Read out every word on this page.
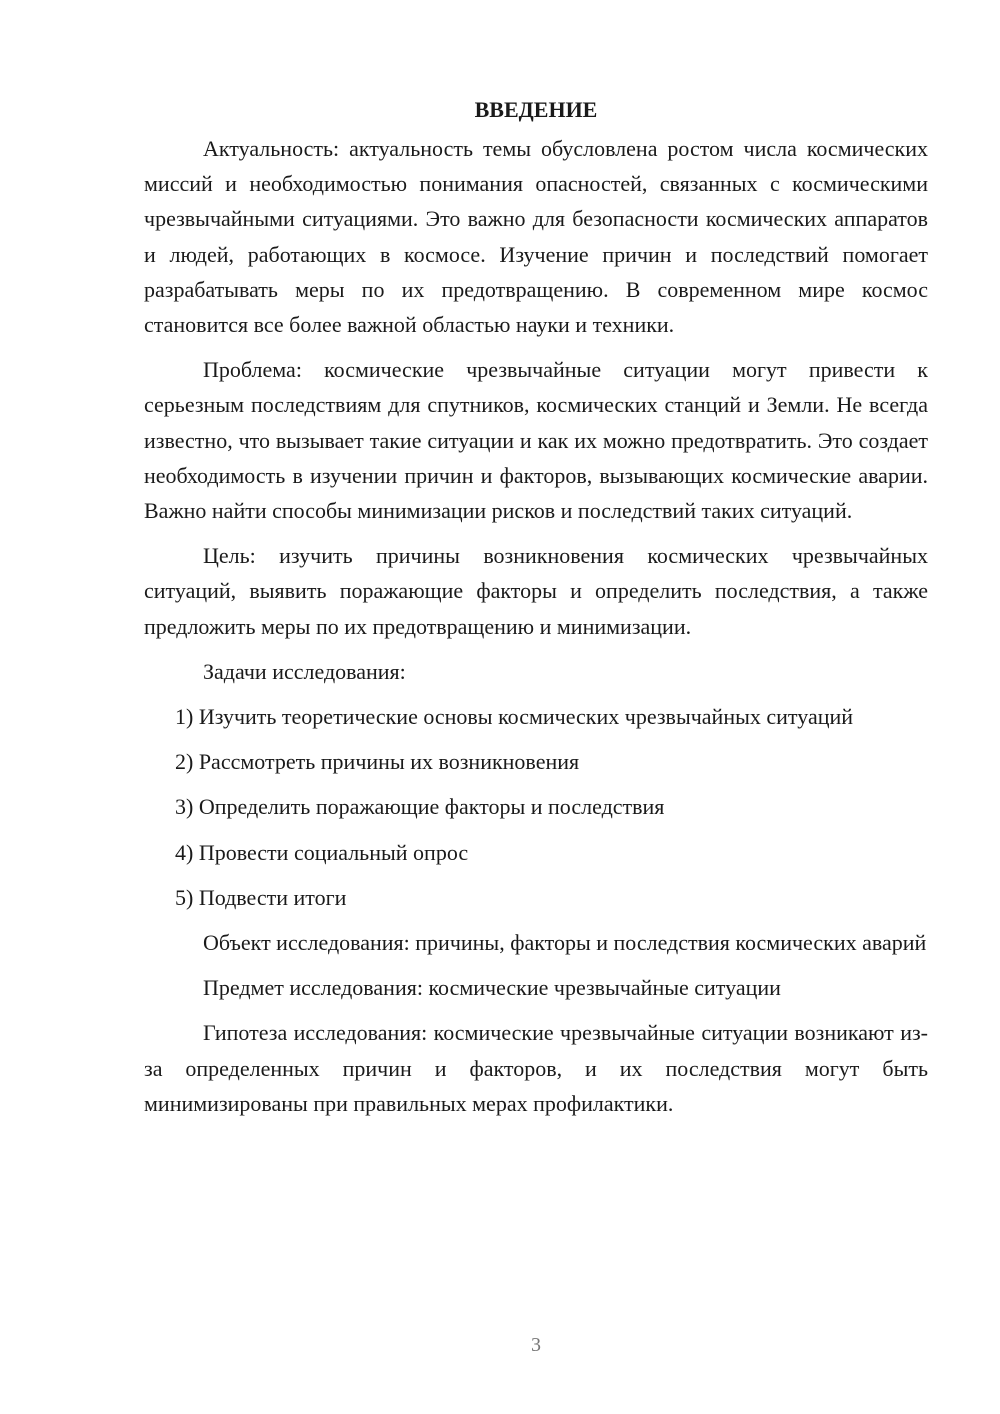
ВВЕДЕНИЕ

Актуальность: актуальность темы обусловлена ростом числа космических миссий и необходимостью понимания опасностей, связанных с космическими чрезвычайными ситуациями. Это важно для безопасности космических аппаратов и людей, работающих в космосе. Изучение причин и последствий помогает разрабатывать меры по их предотвращению. В современном мире космос становится все более важной областью науки и техники.

Проблема: космические чрезвычайные ситуации могут привести к серьезным последствиям для спутников, космических станций и Земли. Не всегда известно, что вызывает такие ситуации и как их можно предотвратить. Это создает необходимость в изучении причин и факторов, вызывающих космические аварии. Важно найти способы минимизации рисков и последствий таких ситуаций.

Цель: изучить причины возникновения космических чрезвычайных ситуаций, выявить поражающие факторы и определить последствия, а также предложить меры по их предотвращению и минимизации.

Задачи исследования:

1) Изучить теоретические основы космических чрезвычайных ситуаций

2) Рассмотреть причины их возникновения

3) Определить поражающие факторы и последствия

4) Провести социальный опрос

5) Подвести итоги

Объект исследования: причины, факторы и последствия космических аварий

Предмет исследования: космические чрезвычайные ситуации

Гипотеза исследования: космические чрезвычайные ситуации возникают из-за определенных причин и факторов, и их последствия могут быть минимизированы при правильных мерах профилактики.

3
